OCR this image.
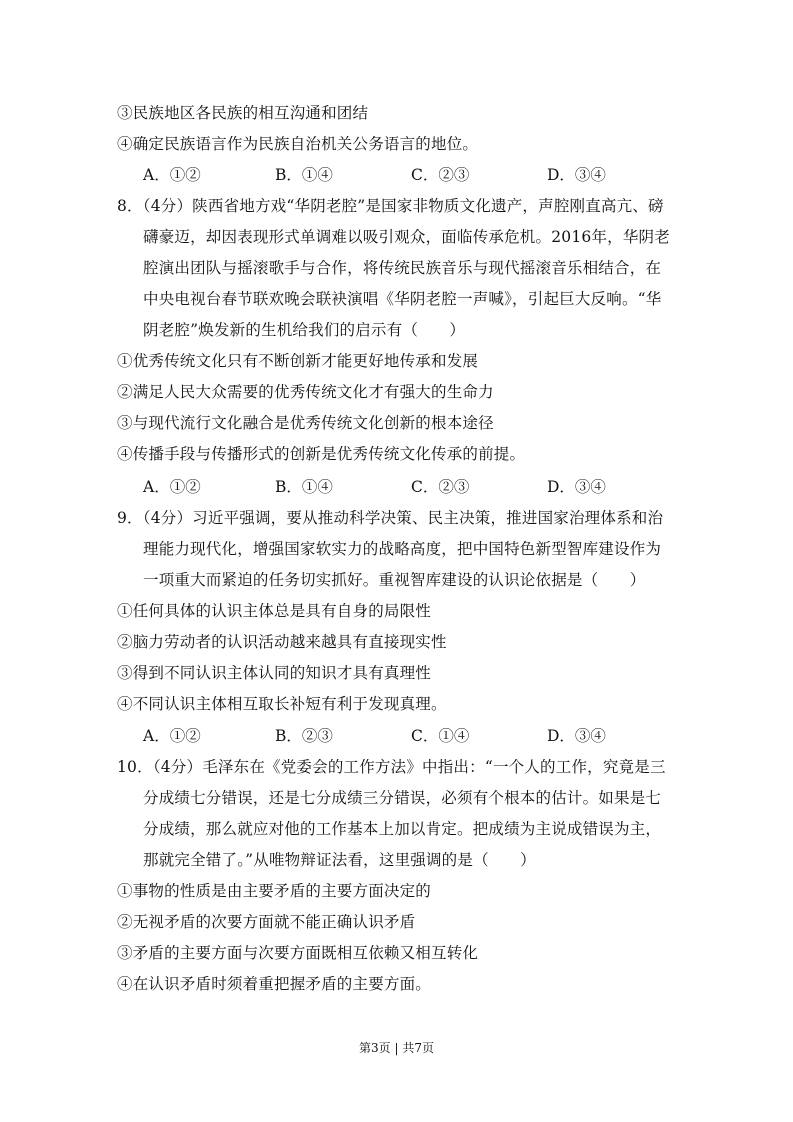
③民族地区各民族的相互沟通和团结
④确定民族语言作为民族自治机关公务语言的地位。
A．①②	B．①④	C．②③	D．③④
8．（4分）陕西省地方戏“华阴老腔”是国家非物质文化遗产，声腔刚直高亢、磅
礴豪迈，却因表现形式单调难以吸引观众，面临传承危机。2016年，华阴老
腔演出团队与摇滚歌手与合作，将传统民族音乐与现代摇滚音乐相结合，在
中央电视台春节联欢晚会联袂演唱《华阴老腔一声喊》，引起巨大反响。“华
阴老腔”焕发新的生机给我们的启示有（　　）
①优秀传统文化只有不断创新才能更好地传承和发展
②满足人民大众需要的优秀传统文化才有强大的生命力
③与现代流行文化融合是优秀传统文化创新的根本途径
④传播手段与传播形式的创新是优秀传统文化传承的前提。
A．①②	B．①④	C．②③	D．③④
9．（4分）习近平强调，要从推动科学决策、民主决策，推进国家治理体系和治
理能力现代化，增强国家软实力的战略高度，把中国特色新型智库建设作为
一项重大而紧迫的任务切实抓好。重视智库建设的认识论依据是（　　）
①任何具体的认识主体总是具有自身的局限性
②脑力劳动者的认识活动越来越具有直接现实性
③得到不同认识主体认同的知识才具有真理性
④不同认识主体相互取长补短有利于发现真理。
A．①②	B．②③	C．①④	D．③④
10．（4分）毛泽东在《党委会的工作方法》中指出：“一个人的工作，究竟是三
分成绩七分错误，还是七分成绩三分错误，必须有个根本的估计。如果是七
分成绩，那么就应对他的工作基本上加以肯定。把成绩为主说成错误为主，
那就完全错了。”从唯物辩证法看，这里强调的是（　　）
①事物的性质是由主要矛盾的主要方面决定的
②无视矛盾的次要方面就不能正确认识矛盾
③矛盾的主要方面与次要方面既相互依赖又相互转化
④在认识矛盾时须着重把握矛盾的主要方面。
第3页 | 共7页
